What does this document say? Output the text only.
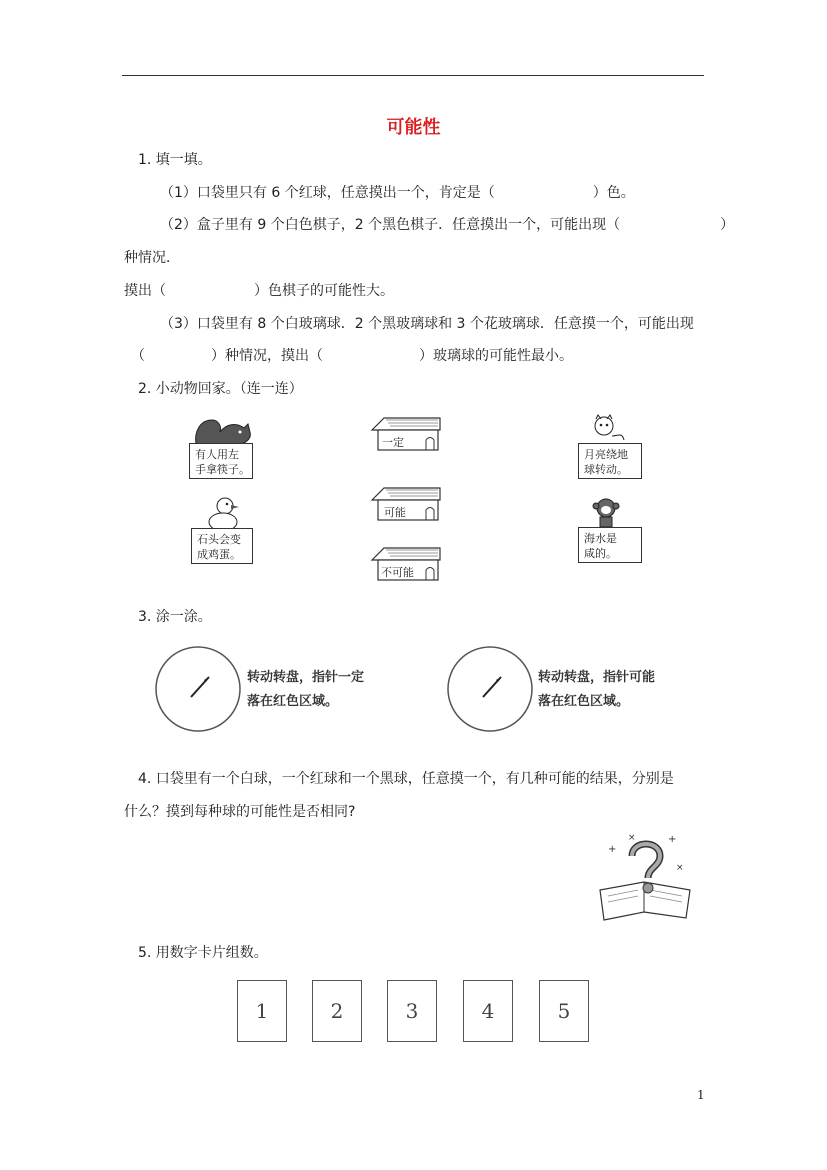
可能性
1. 填一填。
（1）口袋里只有 6 个红球，任意摸出一个，肯定是（	）色。
（2）盒子里有 9 个白色棋子，2 个黑色棋子．任意摸出一个，可能出现（	）
种情况．
摸出（	）色棋子的可能性大。
（3）口袋里有 8 个白玻璃球．2 个黑玻璃球和 3 个花玻璃球．任意摸一个，可能出现
（	）种情况，摸出（	）玻璃球的可能性最小。
2. 小动物回家。（连一连）
有人用左
手拿筷子。
石头会变
成鸡蛋。
一定
可能
不可能
月亮绕地
球转动。
海水是
咸的。
3. 涂一涂。
转动转盘，指针一定
落在红色区域。
转动转盘，指针可能
落在红色区域。
4. 口袋里有一个白球，一个红球和一个黑球，任意摸一个，有几种可能的结果，分别是
什么？摸到每种球的可能性是否相同?
+
×	+
×
5. 用数字卡片组数。
1	2	3	4	5
1
